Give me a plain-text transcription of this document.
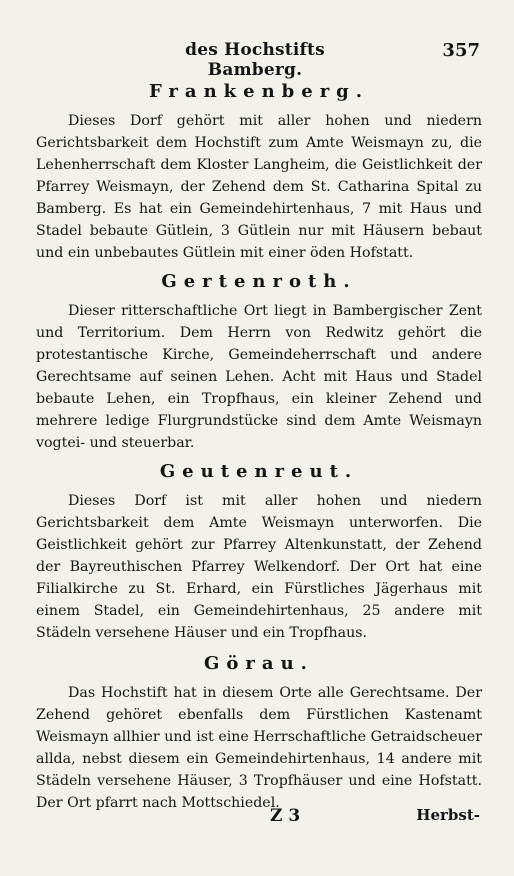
des Hochstifts Bamberg.
357
Frankenberg.

Dieses Dorf gehört mit aller hohen und niedern Gerichtsbarkeit dem Hochstift zum Amte Weismayn zu, die Lehenherrschaft dem Kloster Langheim, die Geistlichkeit der Pfarrey Weismayn, der Zehend dem St. Catharina Spital zu Bamberg. Es hat ein Gemeindehirtenhaus, 7 mit Haus und Stadel bebaute Gütlein, 3 Gütlein nur mit Häusern bebaut und ein unbebautes Gütlein mit einer öden Hofstatt.

Gertenroth.

Dieser ritterschaftliche Ort liegt in Bambergischer Zent und Territorium. Dem Herrn von Redwitz gehört die protestantische Kirche, Gemeindeherrschaft und andere Gerechtsame auf seinen Lehen. Acht mit Haus und Stadel bebaute Lehen, ein Tropfhaus, ein kleiner Zehend und mehrere ledige Flurgrundstücke sind dem Amte Weismayn vogtei- und steuerbar.

Geutenreut.

Dieses Dorf ist mit aller hohen und niedern Gerichtsbarkeit dem Amte Weismayn unterworfen. Die Geistlichkeit gehört zur Pfarrey Altenkunstatt, der Zehend der Bayreuthischen Pfarrey Welkendorf. Der Ort hat eine Filialkirche zu St. Erhard, ein Fürstliches Jägerhaus mit einem Stadel, ein Gemeindehirtenhaus, 25 andere mit Städeln versehene Häuser und ein Tropfhaus.

Görau.

Das Hochstift hat in diesem Orte alle Gerechtsame. Der Zehend gehöret ebenfalls dem Fürstlichen Kastenamt Weismayn allhier und ist eine Herrschaftliche Getraidscheuer allda, nebst diesem ein Gemeindehirtenhaus, 14 andere mit Städeln versehene Häuser, 3 Tropfhäuser und eine Hofstatt. Der Ort pfarrt nach Mottschiedel.

Z 3	Herbst-
